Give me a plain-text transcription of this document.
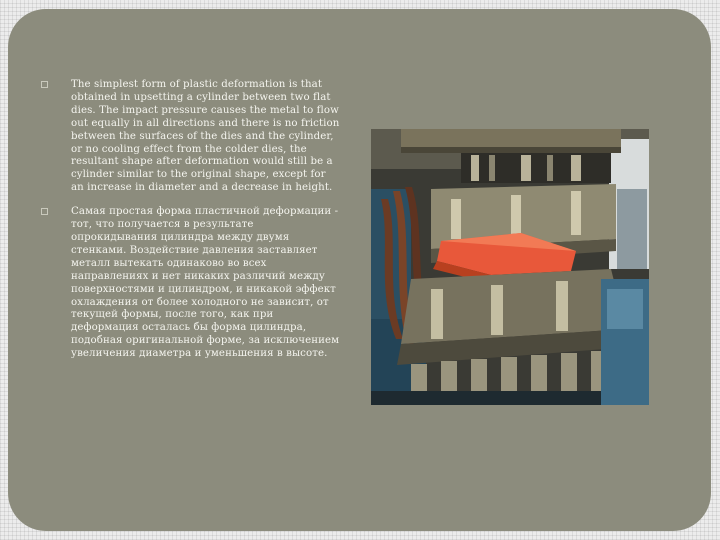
The simplest form of plastic deformation is that obtained in upsetting a cylinder between two flat dies. The impact pressure causes the metal to flow out equally in all directions and there is no friction between the surfaces of the dies and the cylinder, or no cooling effect from the colder dies, the resultant shape after deformation would still be a cylinder similar to the original shape, except for an increase in diameter and a decrease in height.
Самая простая форма пластичной деформации - тот, что получается в результате опрокидывания цилиндра между двумя стенками. Воздействие давления заставляет металл вытекать одинаково во всех направлениях и нет никаких различий между поверхностями и цилиндром, и никакой эффект охлаждения от более холодного не зависит, от текущей формы, после того, как при деформация осталась бы форма цилиндра, подобная оригинальной форме, за исключением увеличения диаметра и уменьшения в высоте.
